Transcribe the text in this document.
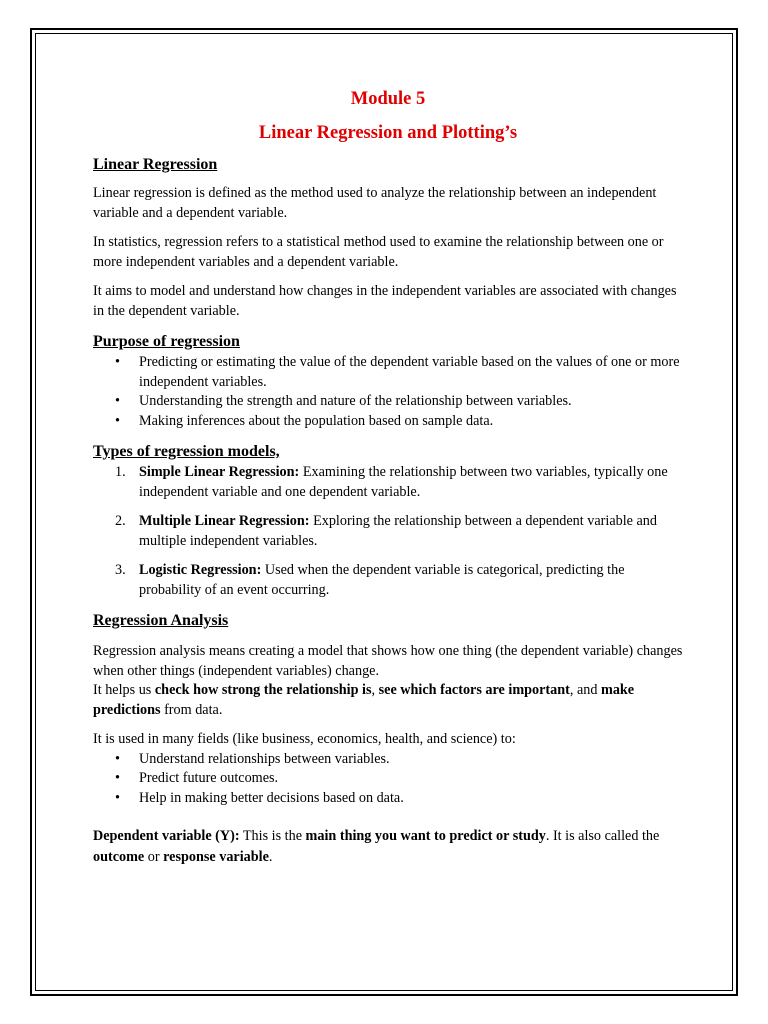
Module 5
Linear Regression and Plotting’s
Linear Regression

Linear regression is defined as the method used to analyze the relationship between an independent variable and a dependent variable.

In statistics, regression refers to a statistical method used to examine the relationship between one or more independent variables and a dependent variable.

It aims to model and understand how changes in the independent variables are associated with changes in the dependent variable.

Purpose of regression
• Predicting or estimating the value of the dependent variable based on the values of one or more independent variables.
• Understanding the strength and nature of the relationship between variables.
• Making inferences about the population based on sample data.
Types of regression models,
1. Simple Linear Regression: Examining the relationship between two variables, typically one independent variable and one dependent variable.
2. Multiple Linear Regression: Exploring the relationship between a dependent variable and multiple independent variables.
3. Logistic Regression: Used when the dependent variable is categorical, predicting the probability of an event occurring.
Regression Analysis

Regression analysis means creating a model that shows how one thing (the dependent variable) changes when other things (independent variables) change.

It helps us check how strong the relationship is, see which factors are important, and make predictions from data.

It is used in many fields (like business, economics, health, and science) to:

• Understand relationships between variables.
• Predict future outcomes.
• Help in making better decisions based on data.

Dependent variable (Y): This is the main thing you want to predict or study. It is also called the outcome or response variable.
